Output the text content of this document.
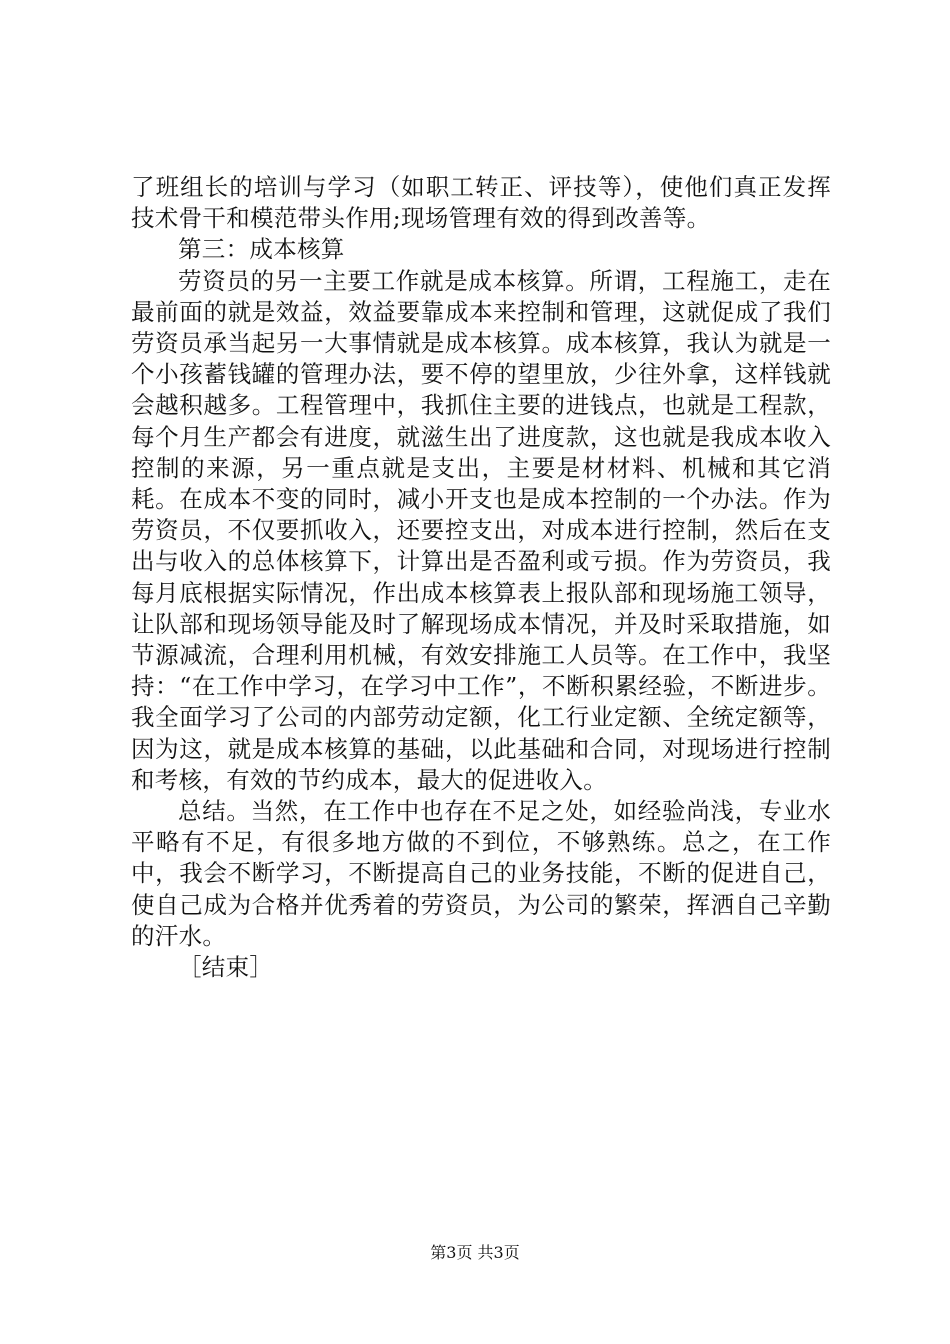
了班组长的培训与学习（如职工转正、评技等），使他们真正发挥技术骨干和模范带头作用;现场管理有效的得到改善等。

第三：成本核算

劳资员的另一主要工作就是成本核算。所谓，工程施工，走在最前面的就是效益，效益要靠成本来控制和管理，这就促成了我们劳资员承当起另一大事情就是成本核算。成本核算，我认为就是一个小孩蓄钱罐的管理办法，要不停的望里放，少往外拿，这样钱就会越积越多。工程管理中，我抓住主要的进钱点，也就是工程款，每个月生产都会有进度，就滋生出了进度款，这也就是我成本收入控制的来源，另一重点就是支出，主要是材材料、机械和其它消耗。在成本不变的同时，减小开支也是成本控制的一个办法。作为劳资员，不仅要抓收入，还要控支出，对成本进行控制，然后在支出与收入的总体核算下，计算出是否盈利或亏损。作为劳资员，我每月底根据实际情况，作出成本核算表上报队部和现场施工领导，让队部和现场领导能及时了解现场成本情况，并及时采取措施，如节源减流，合理利用机械，有效安排施工人员等。在工作中，我坚持：“在工作中学习，在学习中工作”，不断积累经验，不断进步。我全面学习了公司的内部劳动定额，化工行业定额、全统定额等，因为这，就是成本核算的基础，以此基础和合同，对现场进行控制和考核，有效的节约成本，最大的促进收入。

总结。当然，在工作中也存在不足之处，如经验尚浅，专业水平略有不足，有很多地方做的不到位，不够熟练。总之，在工作中，我会不断学习，不断提高自己的业务技能，不断的促进自己，使自己成为合格并优秀着的劳资员，为公司的繁荣，挥洒自己辛勤的汗水。

［结束］

第3页 共3页
